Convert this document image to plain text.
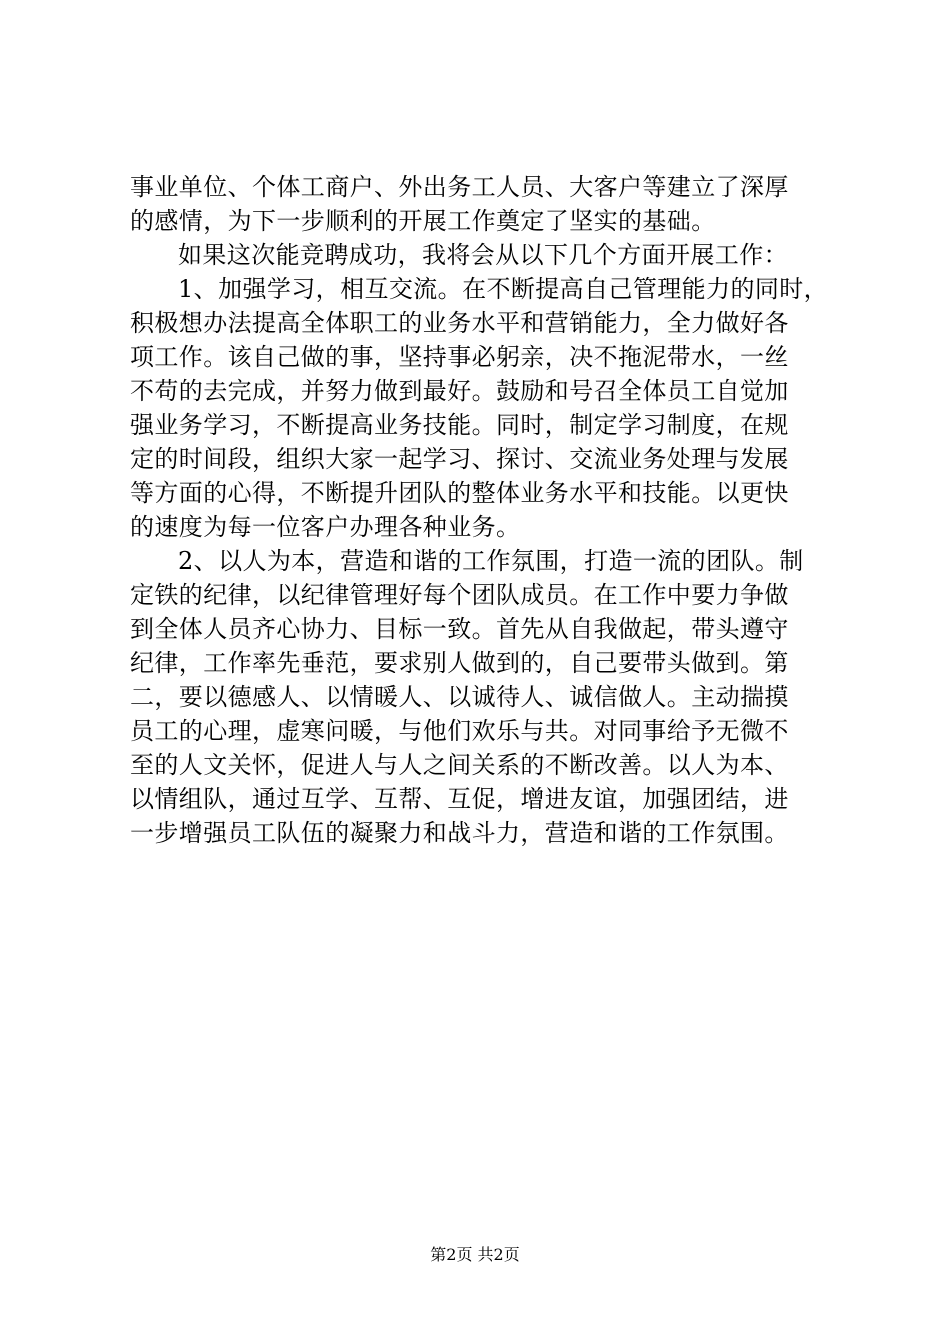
事业单位、个体工商户、外出务工人员、大客户等建立了深厚
的感情，为下一步顺利的开展工作奠定了坚实的基础。
如果这次能竞聘成功，我将会从以下几个方面开展工作：
1、加强学习，相互交流。在不断提高自己管理能力的同时，
积极想办法提高全体职工的业务水平和营销能力，全力做好各
项工作。该自己做的事，坚持事必躬亲，决不拖泥带水，一丝
不苟的去完成，并努力做到最好。鼓励和号召全体员工自觉加
强业务学习，不断提高业务技能。同时，制定学习制度，在规
定的时间段，组织大家一起学习、探讨、交流业务处理与发展
等方面的心得，不断提升团队的整体业务水平和技能。以更快
的速度为每一位客户办理各种业务。
2、以人为本，营造和谐的工作氛围，打造一流的团队。制
定铁的纪律，以纪律管理好每个团队成员。在工作中要力争做
到全体人员齐心协力、目标一致。首先从自我做起，带头遵守
纪律，工作率先垂范，要求别人做到的，自己要带头做到。第
二，要以德感人、以情暖人、以诚待人、诚信做人。主动揣摸
员工的心理，虚寒问暖，与他们欢乐与共。对同事给予无微不
至的人文关怀，促进人与人之间关系的不断改善。以人为本、
以情组队，通过互学、互帮、互促，增进友谊，加强团结，进
一步增强员工队伍的凝聚力和战斗力，营造和谐的工作氛围。
第2页 共2页
